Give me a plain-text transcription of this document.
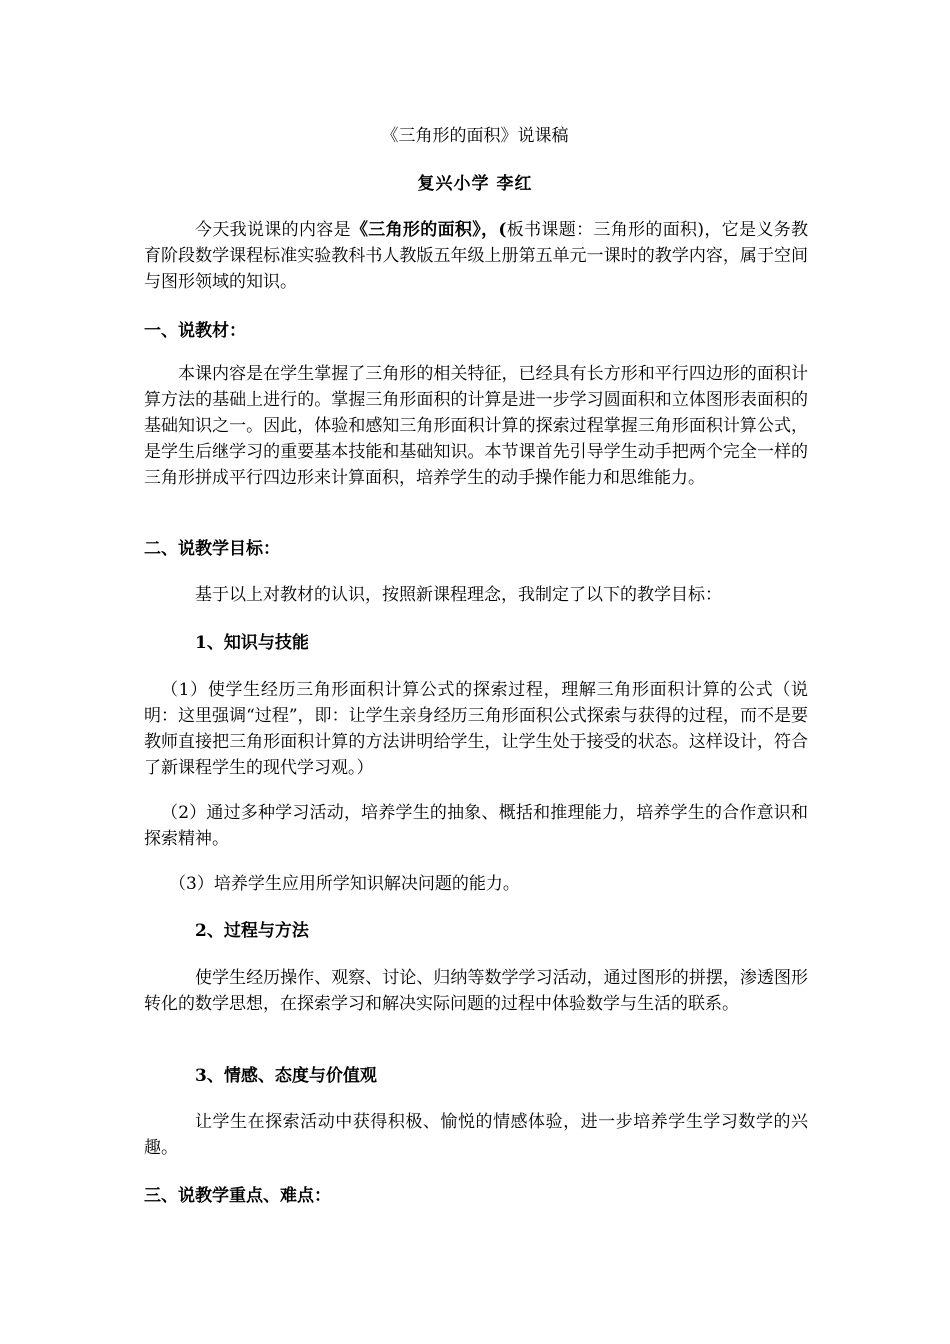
《三角形的面积》说课稿
复兴小学 李红

今天我说课的内容是《三角形的面积》，(板书课题：三角形的面积)，它是义务教育阶段数学课程标准实验教科书人教版五年级上册第五单元一课时的教学内容，属于空间与图形领域的知识。

一、说教材：

本课内容是在学生掌握了三角形的相关特征，已经具有长方形和平行四边形的面积计算方法的基础上进行的。掌握三角形面积的计算是进一步学习圆面积和立体图形表面积的基础知识之一。因此，体验和感知三角形面积计算的探索过程掌握三角形面积计算公式，是学生后继学习的重要基本技能和基础知识。本节课首先引导学生动手把两个完全一样的三角形拼成平行四边形来计算面积，培养学生的动手操作能力和思维能力。

二、说教学目标：

基于以上对教材的认识，按照新课程理念，我制定了以下的教学目标：

1、知识与技能

（1）使学生经历三角形面积计算公式的探索过程，理解三角形面积计算的公式（说明：这里强调“过程”，即：让学生亲身经历三角形面积公式探索与获得的过程，而不是要教师直接把三角形面积计算的方法讲明给学生，让学生处于接受的状态。这样设计，符合了新课程学生的现代学习观。）

（2）通过多种学习活动，培养学生的抽象、概括和推理能力，培养学生的合作意识和探索精神。

（3）培养学生应用所学知识解决问题的能力。

2、过程与方法

使学生经历操作、观察、讨论、归纳等数学学习活动，通过图形的拼摆，渗透图形转化的数学思想，在探索学习和解决实际问题的过程中体验数学与生活的联系。

3、情感、态度与价值观

让学生在探索活动中获得积极、愉悦的情感体验，进一步培养学生学习数学的兴趣。

三、说教学重点、难点：
